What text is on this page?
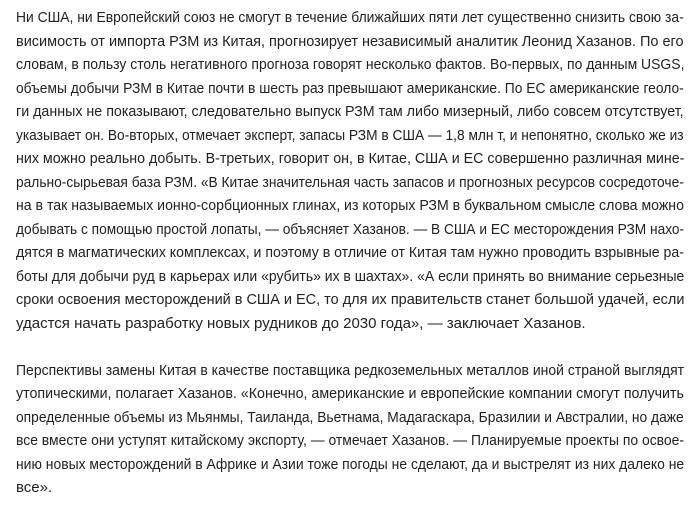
Ни США, ни Европейский союз не смогут в течение ближайших пяти лет существенно снизить свою за-
висимость от импорта РЗМ из Китая, прогнозирует независимый аналитик Леонид Хазанов. По его
словам, в пользу столь негативного прогноза говорят несколько фактов. Во-первых, по данным USGS,
объемы добычи РЗМ в Китае почти в шесть раз превышают американские. По ЕС американские геоло-
ги данных не показывают, следовательно выпуск РЗМ там либо мизерный, либо совсем отсутствует,
указывает он. Во-вторых, отмечает эксперт, запасы РЗМ в США — 1,8 млн т, и непонятно, сколько же из
них можно реально добыть. В-третьих, говорит он, в Китае, США и ЕС совершенно различная мине-
рально-сырьевая база РЗМ. «В Китае значительная часть запасов и прогнозных ресурсов сосредоточе-
на в так называемых ионно-сорбционных глинах, из которых РЗМ в буквальном смысле слова можно
добывать с помощью простой лопаты, — объясняет Хазанов. — В США и ЕС месторождения РЗМ нахо-
дятся в магматических комплексах, и поэтому в отличие от Китая там нужно проводить взрывные ра-
боты для добычи руд в карьерах или «рубить» их в шахтах». «А если принять во внимание серьезные
сроки освоения месторождений в США и ЕС, то для их правительств станет большой удачей, если
удастся начать разработку новых рудников до 2030 года», — заключает Хазанов.

Перспективы замены Китая в качестве поставщика редкоземельных металлов иной страной выглядят
утопическими, полагает Хазанов. «Конечно, американские и европейские компании смогут получить
определенные объемы из Мьянмы, Таиланда, Вьетнама, Мадагаскара, Бразилии и Австралии, но даже
все вместе они уступят китайскому экспорту, — отмечает Хазанов. — Планируемые проекты по освое-
нию новых месторождений в Африке и Азии тоже погоды не сделают, да и выстрелят из них далеко не
все».
